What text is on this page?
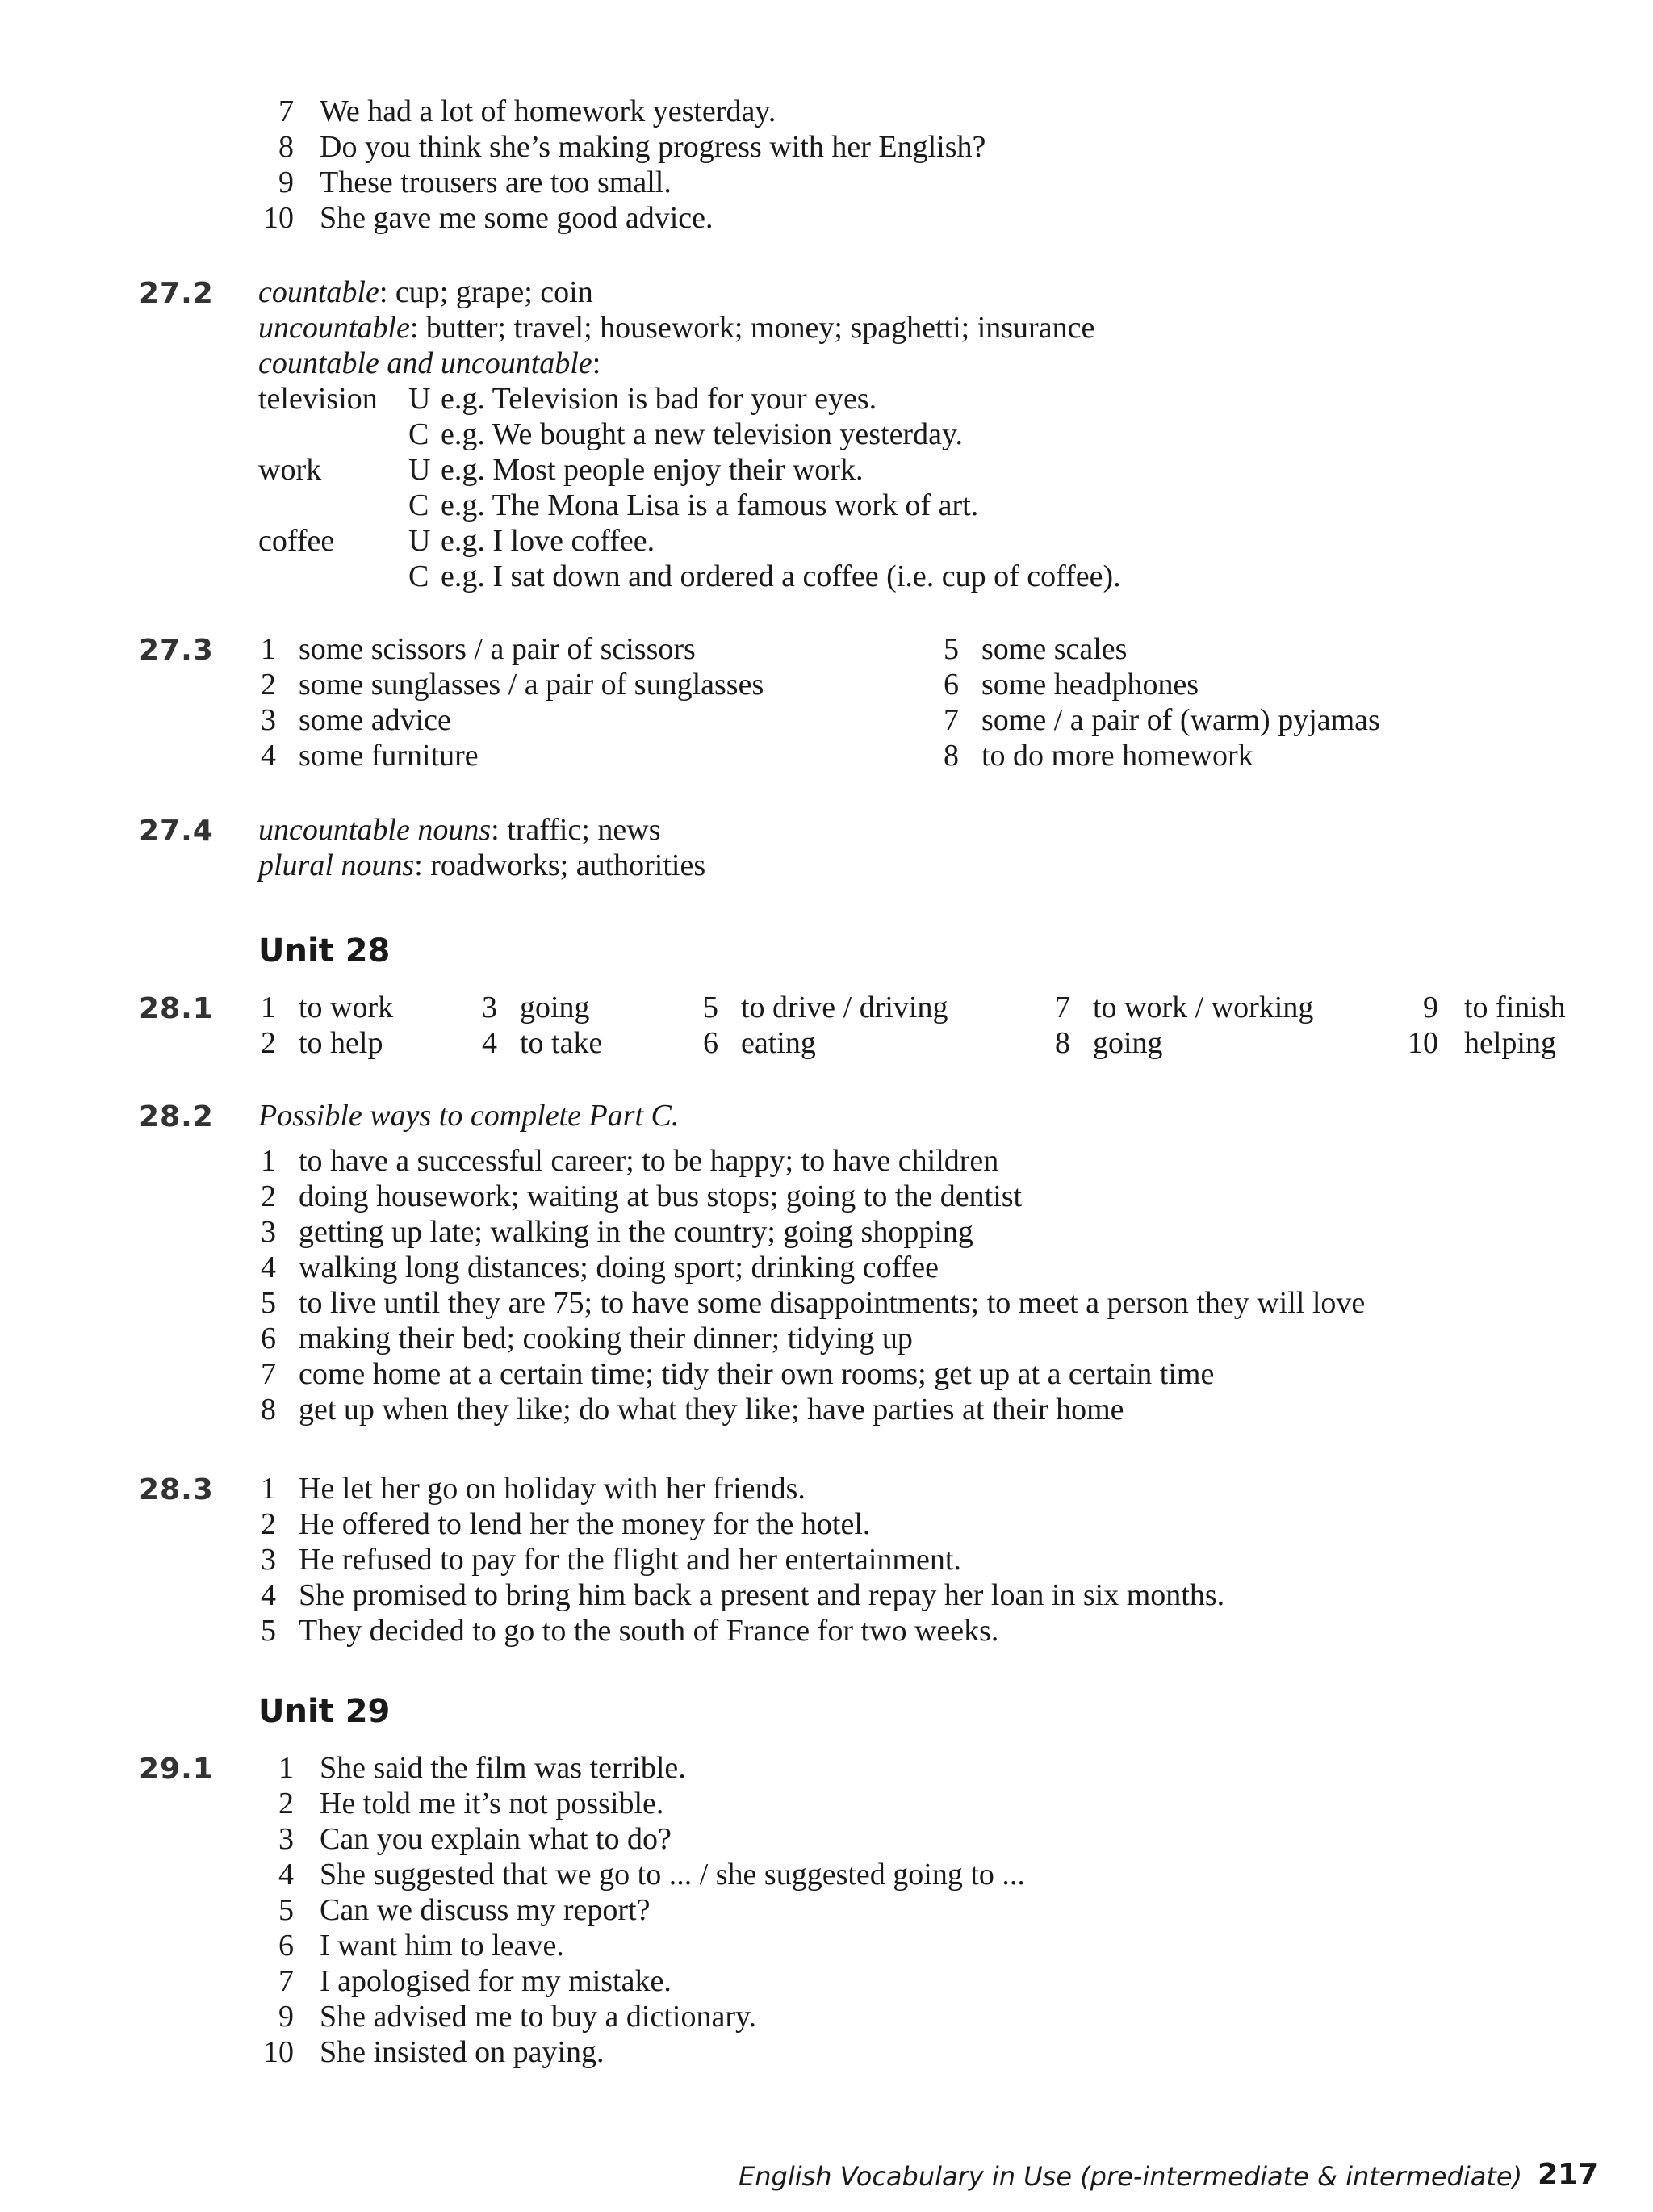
7 We had a lot of homework yesterday.
8 Do you think she’s making progress with her English?
9 These trousers are too small.
10 She gave me some good advice.
27.2 countable: cup; grape; coin
uncountable: butter; travel; housework; money; spaghetti; insurance
countable and uncountable:
television U e.g. Television is bad for your eyes.
C e.g. We bought a new television yesterday.
work	U e.g. Most people enjoy their work.
C e.g. The Mona Lisa is a famous work of art.
coffee U e.g. I love coffee.
C e.g. I sat down and ordered a coffee (i.e. cup of coffee).
27.3	1 some scissors / a pair of scissors
2 some sunglasses / a pair of sunglasses
3 some advice
4 some furniture
5 some scales
6 some headphones
7 some / a pair of (warm) pyjamas
8 to do more homework
27.4 uncountable nouns: traffic; news
plural nouns: roadworks; authorities
Unit 28
28.1	1 to work
2 to help
3 going
4 to take
5 to drive / driving
6 eating
7 to work / working
8 going
9 to finish
10 helping
28.2 Possible ways to complete Part C.
1 to have a successful career; to be happy; to have children
2 doing housework; waiting at bus stops; going to the dentist
3 getting up late; walking in the country; going shopping
4 walking long distances; doing sport; drinking coffee
5 to live until they are 75; to have some disappointments; to meet a person they will love
6 making their bed; cooking their dinner; tidying up
7 come home at a certain time; tidy their own rooms; get up at a certain time
8 get up when they like; do what they like; have parties at their home
28.3	1 He let her go on holiday with her friends.
2 He offered to lend her the money for the hotel.
3 He refused to pay for the flight and her entertainment.
4 She promised to bring him back a present and repay her loan in six months.
5 They decided to go to the south of France for two weeks.
Unit 29
29.1	1 She said the film was terrible.
2 He told me it’s not possible.
3 Can you explain what to do?
4 She suggested that we go to ... / she suggested going to ...
5 Can we discuss my report?
6 I want him to leave.
7 I apologised for my mistake.
9 She advised me to buy a dictionary.
10 She insisted on paying.
English Vocabulary in Use (pre-intermediate & intermediate) 217
